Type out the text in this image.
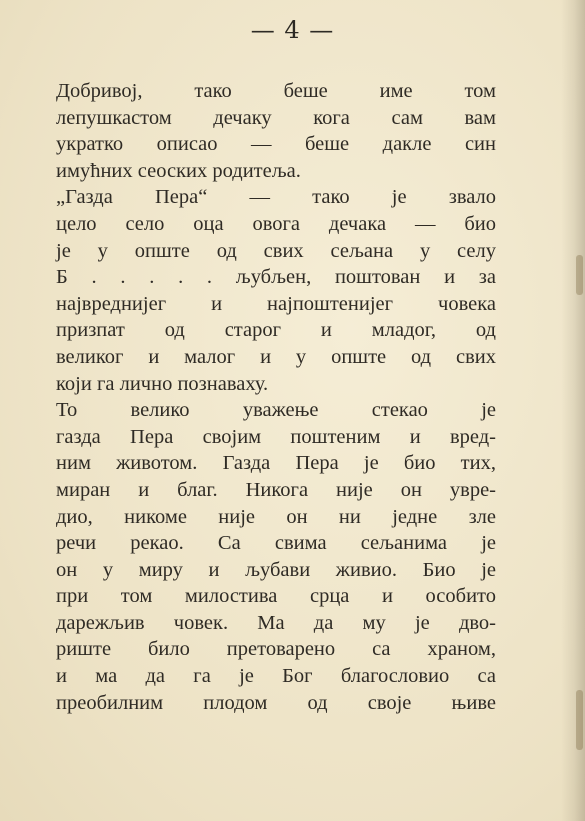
— 4 —
Добривој, тако беше име том
лепушкастом дечаку кога сам вам
укратко описао — беше дакле син
имућних сеоских родитеља.
„Газда Пера“ — тако је звало
цело село оца овога дечака — био
је у опште од свих сељана у селу
Б . . . . . љубљен, поштован и за
највреднијег и најпоштенијег човека
призпат од старог и младог, од
великог и малог и у опште од свих
који га лично познаваху.
То велико уважење стекао је
газда Пера својим поштеним и вред-
ним животом. Газда Пера је био тих,
миран и благ. Никога није он увре-
дио, никоме није он ни једне зле
речи рекао. Са свима сељанима је
он у миру и љубави живио. Био је
при том милостива срца и особито
дарежљив човек. Ма да му је дво-
риште било претоварено са храном,
и ма да га је Бог благословио са
преобилним плодом од своје њиве
